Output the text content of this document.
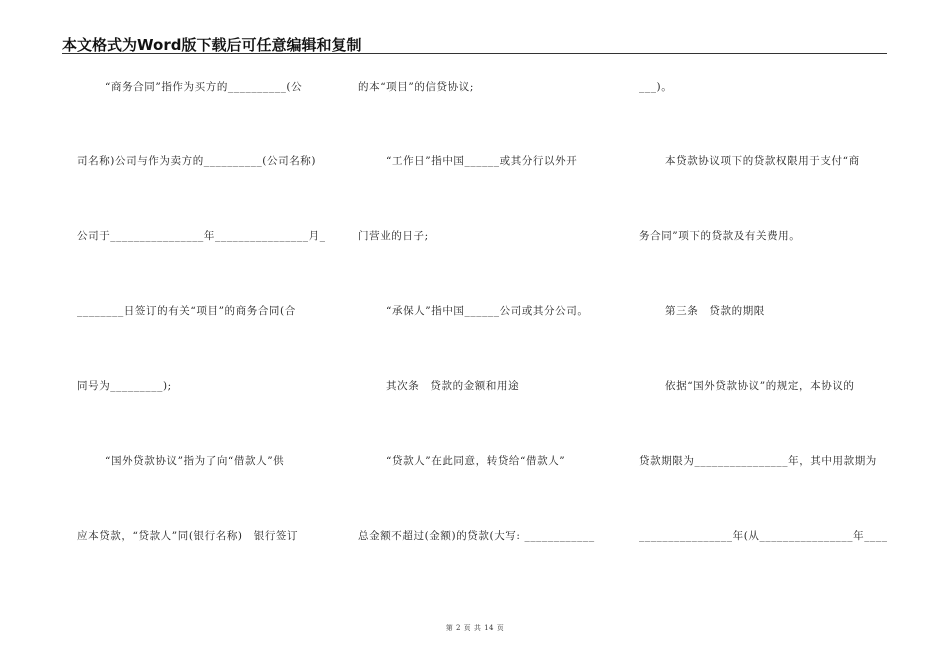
本文格式为Word版下载后可任意编辑和复制
“商务合同”指作为买方的__________(公
司名称)公司与作为卖方的__________(公司名称)
公司于________________年________________月_
________日签订的有关“项目”的商务合同(合
同号为_________);
“国外贷款协议”指为了向“借款人”供
应本贷款，“贷款人”同(银行名称)　银行签订
的本“项目”的信贷协议;
“工作日”指中国______或其分行以外开
门营业的日子;
“承保人”指中国______公司或其分公司。
其次条　贷款的金额和用途
“贷款人”在此同意，转贷给“借款人”
总金额不超过(金额)的贷款(大写: ____________
___)。
本贷款协议项下的贷款权限用于支付“商
务合同”项下的贷款及有关费用。
第三条　贷款的期限
依据“国外贷款协议”的规定，本协议的
贷款期限为________________年，其中用款期为
________________年(从________________年____
第 2 页 共 14 页
